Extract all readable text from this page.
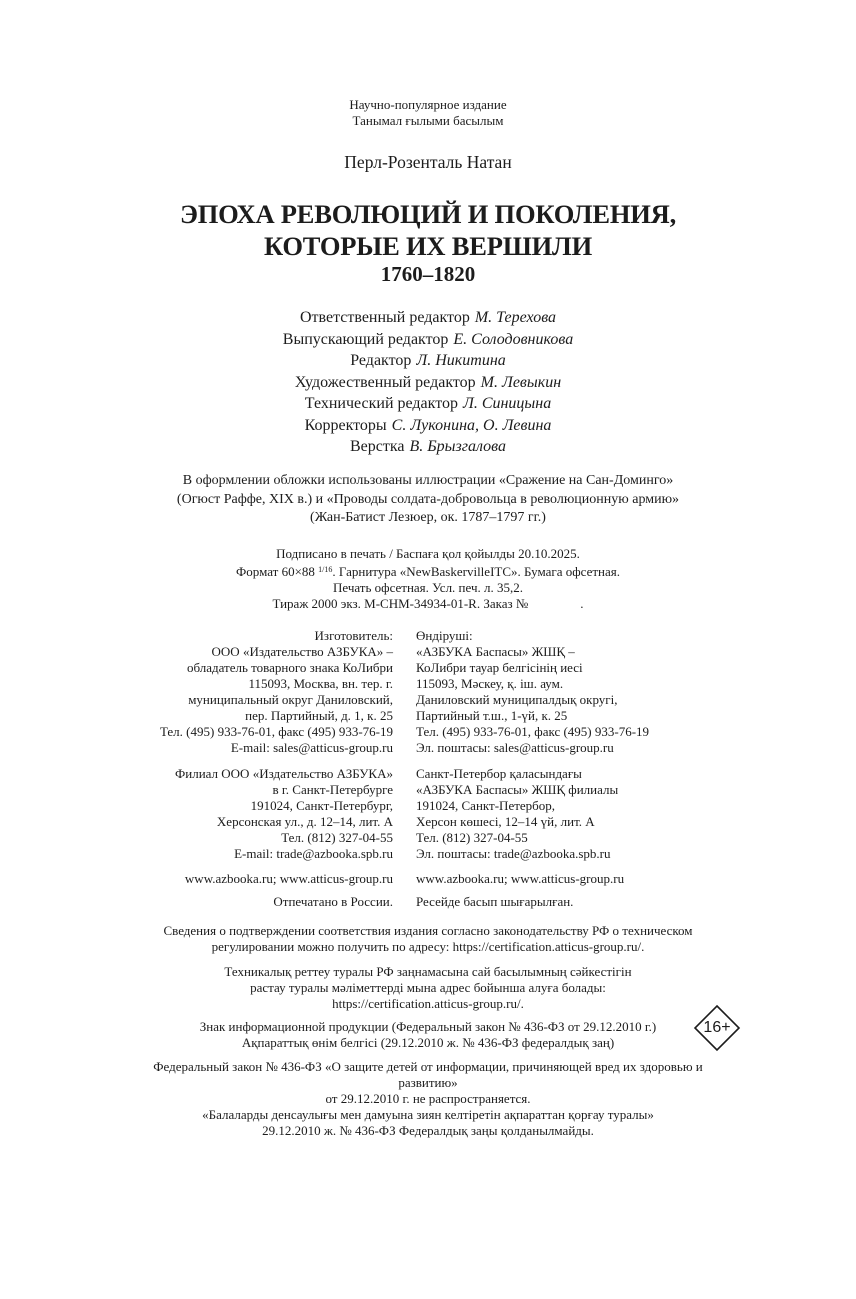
Научно-популярное издание
Танымал ғылыми басылым
Перл-Розенталь Натан
ЭПОХА РЕВОЛЮЦИЙ И ПОКОЛЕНИЯ,
КОТОРЫЕ ИХ ВЕРШИЛИ
1760–1820
Ответственный редактор М. Терехова
Выпускающий редактор Е. Солодовникова
Редактор Л. Никитина
Художественный редактор М. Левыкин
Технический редактор Л. Синицына
Корректоры С. Луконина, О. Левина
Верстка В. Брызгалова
В оформлении обложки использованы иллюстрации «Сражение на Сан-Доминго»
(Огюст Раффе, XIX в.) и «Проводы солдата-добровольца в революционную армию»
(Жан-Батист Лезюер, ок. 1787–1797 гг.)
Подписано в печать / Баспаға қол қойылды 20.10.2025.
Формат 60×88 $^{1/16}$. Гарнитура «NewBaskervilleITC». Бумага офсетная.
Печать офсетная. Усл. печ. л. 35,2.
Тираж 2000 экз. M-CHM-34934-01-R. Заказ №	.
Изготовитель:
ООО «Издательство АЗБУКА» –
обладатель товарного знака КоЛибри
115093, Москва, вн. тер. г.
муниципальный округ Даниловский,
пер. Партийный, д. 1, к. 25
Тел. (495) 933-76-01, факс (495) 933-76-19
E-mail: sales@atticus-group.ru
Өндіруші:
«АЗБУКА Баспасы» ЖШҚ –
КоЛибри тауар белгісінің иесі
115093, Мәскеу, қ. іш. аум.
Даниловский муниципалдық округі,
Партийный т.ш., 1-үй, к. 25
Тел. (495) 933-76-01, факс (495) 933-76-19
Эл. поштасы: sales@atticus-group.ru
Филиал ООО «Издательство АЗБУКА»
в г. Санкт-Петербурге
191024, Санкт-Петербург,
Херсонская ул., д. 12–14, лит. А
Тел. (812) 327-04-55
E-mail: trade@azbooka.spb.ru
Санкт-Петербор қаласындағы
«АЗБУКА Баспасы» ЖШҚ филиалы
191024, Санкт-Петербор,
Херсон көшесі, 12–14 үй, лит. А
Тел. (812) 327-04-55
Эл. поштасы: trade@azbooka.spb.ru
www.azbooka.ru; www.atticus-group.ru www.azbooka.ru; www.atticus-group.ru
Отпечатано в России. Ресейде басып шығарылған.
Сведения о подтверждении соответствия издания согласно законодательству РФ о техническом
регулировании можно получить по адресу: https://certification.atticus-group.ru/.
Техникалық реттеу туралы РФ заңнамасына сай басылымның сәйкестігін
растау туралы мәліметтерді мына адрес бойынша алуға болады:
https://certification.atticus-group.ru/.
Знак информационной продукции (Федеральный закон № 436-ФЗ от 29.12.2010 г.)
Ақпараттық өнім белгісі (29.12.2010 ж. № 436-ФЗ федералдық заң)
16+
Федеральный закон № 436-ФЗ «О защите детей от информации, причиняющей вред их здоровью и
развитию»
от 29.12.2010 г. не распространяется.
«Балаларды денсаулығы мен дамуына зиян келтіретін ақпараттан қорғау туралы»
29.12.2010 ж. № 436-ФЗ Федералдық заңы қолданылмайды.
